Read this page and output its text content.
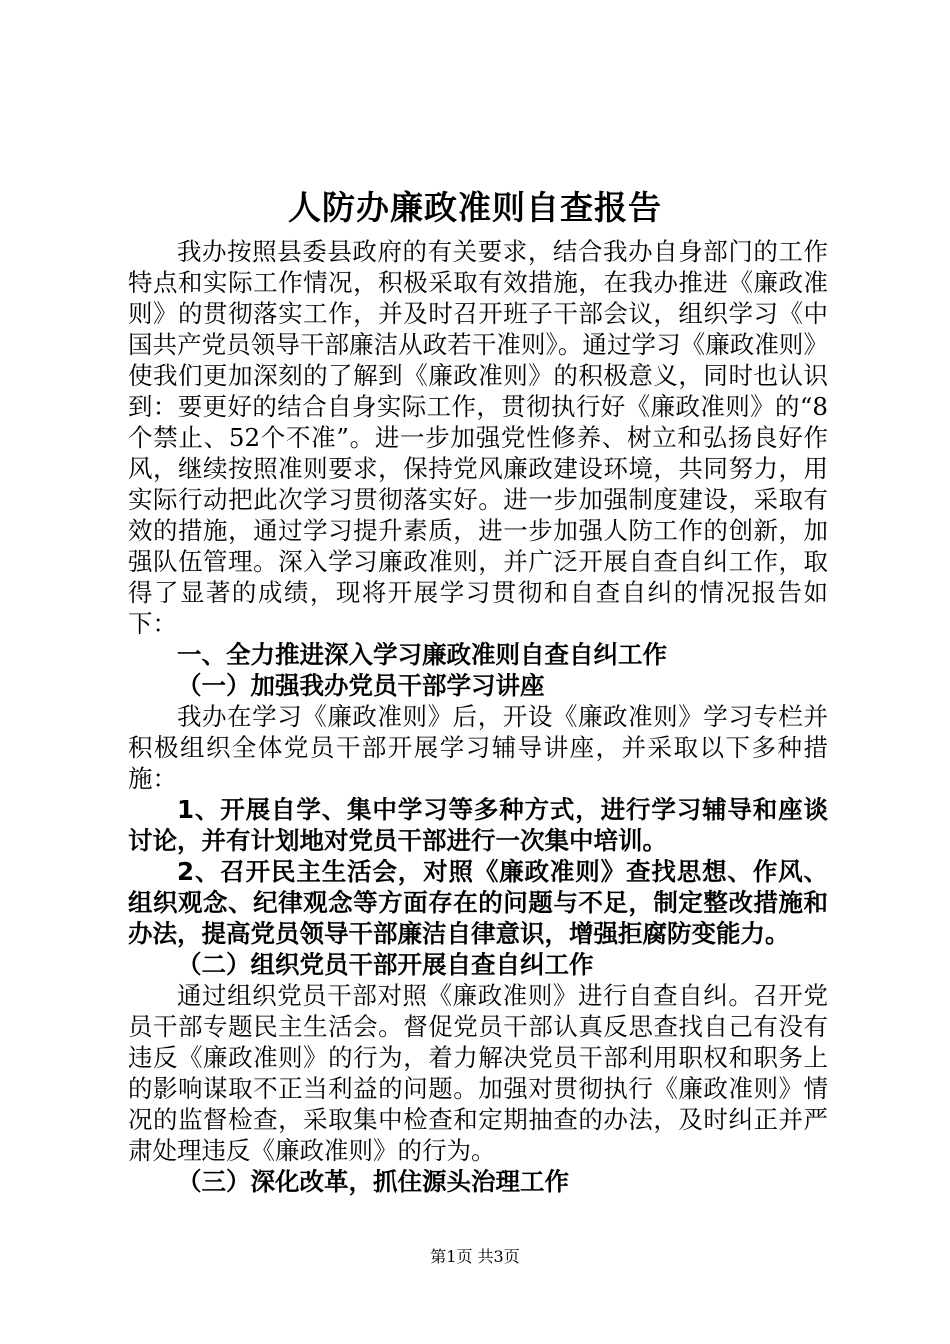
人防办廉政准则自查报告

我办按照县委县政府的有关要求，结合我办自身部门的工作特点和实际工作情况，积极采取有效措施，在我办推进《廉政准则》的贯彻落实工作，并及时召开班子干部会议，组织学习《中国共产党员领导干部廉洁从政若干准则》。通过学习《廉政准则》使我们更加深刻的了解到《廉政准则》的积极意义，同时也认识到：要更好的结合自身实际工作，贯彻执行好《廉政准则》的“8个禁止、52个不准”。进一步加强党性修养、树立和弘扬良好作风，继续按照准则要求，保持党风廉政建设环境，共同努力，用实际行动把此次学习贯彻落实好。进一步加强制度建设，采取有效的措施，通过学习提升素质，进一步加强人防工作的创新，加强队伍管理。深入学习廉政准则，并广泛开展自查自纠工作，取得了显著的成绩，现将开展学习贯彻和自查自纠的情况报告如下：

一、全力推进深入学习廉政准则自查自纠工作

（一）加强我办党员干部学习讲座

我办在学习《廉政准则》后，开设《廉政准则》学习专栏并积极组织全体党员干部开展学习辅导讲座，并采取以下多种措施：

1、开展自学、集中学习等多种方式，进行学习辅导和座谈讨论，并有计划地对党员干部进行一次集中培训。

2、召开民主生活会，对照《廉政准则》查找思想、作风、组织观念、纪律观念等方面存在的问题与不足，制定整改措施和办法，提高党员领导干部廉洁自律意识，增强拒腐防变能力。

（二）组织党员干部开展自查自纠工作

通过组织党员干部对照《廉政准则》进行自查自纠。召开党员干部专题民主生活会。督促党员干部认真反思查找自己有没有违反《廉政准则》的行为，着力解决党员干部利用职权和职务上的影响谋取不正当利益的问题。加强对贯彻执行《廉政准则》情况的监督检查，采取集中检查和定期抽查的办法，及时纠正并严肃处理违反《廉政准则》的行为。

（三）深化改革，抓住源头治理工作

第1页 共3页
